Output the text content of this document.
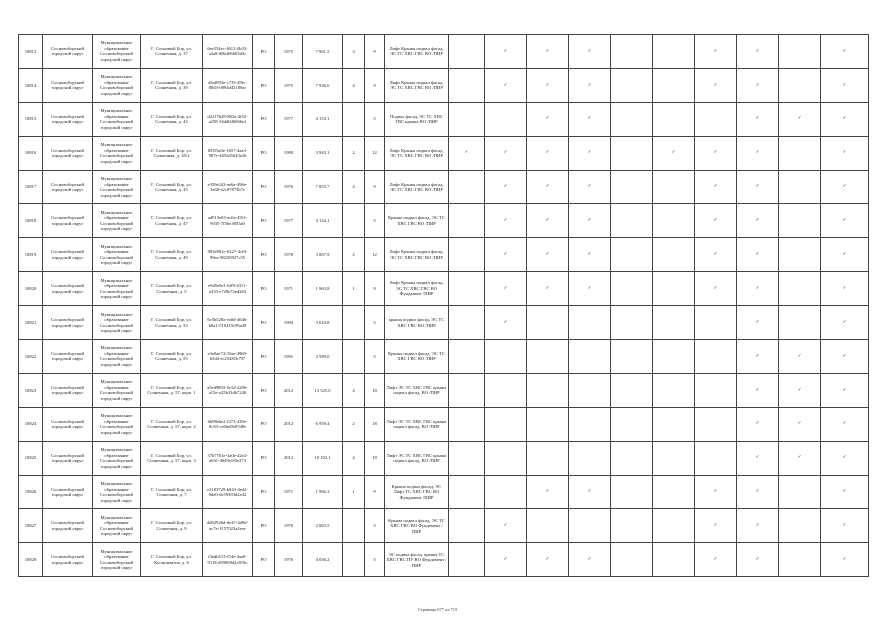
10813	Сосновоборский городской округ	Муниципальное образование Сосновоборский городской округ	Г. Сосновый Бор, ул. Солнечная, д. 37	6ee554ec-4612-4b33-a2a8-d8b406b03d3c	РО	1975	7 961,5	3	9	Лифт Крыша подвал фасад, ЭС ТС ХВС ГВС ВО /ПИР		✓	✓	✓			✓	✓		✓
10814	Сосновоборский городской округ	Муниципальное образование Сосновоборский городской округ	Г. Сосновый Бор, ул. Солнечная, д. 39	d4af853e-c735-49fc-80d3-0894d45109ac	РО	1975	7 936,6	4	9	Лифт Крыша подвал фасад, ЭС ТС ХВС ГВС ВО /ПИР		✓	✓	✓			✓	✓		✓
10815	Сосновоборский городской округ	Муниципальное образование Сосновоборский городской округ	Г. Сосновый Бор, ул. Солнечная, д. 43	d2317b28-883a-4f52-a258-34dd0d6066e2	РО	1977	4 153,1		5	Подвал фасад, ЭС ТС ХВС ГВС крыша ВО /ПИР			✓	✓				✓	✓	✓
10816	Сосновоборский городской округ	Муниципальное образование Сосновоборский городской округ	Г. Сосновый Бор, ул. Солнечная, д. 45/2	69f55a0e-1657-4aa3-987e-4492d5643e26	РО	1980	3 943,1	2	12	Лифт Крыша подвал фасад, ЭС ТС ХВС ГВС ВО /ПИР	✓	✓	✓	✓		✓	✓	✓		✓
10817	Сосновоборский городской округ	Муниципальное образование Сосновоборский городской округ	Г. Сосновый Бор, ул. Солнечная, д. 45	e359e243-ae6a-496e-3a68-e2c87873b7e	РО	1976	7 855,7	4	9	Лифт Крыша подвал фасад, ЭС ТС ХВС ГВС ВО /ПИР		✓	✓	✓			✓	✓		✓
10818	Сосновоборский городской округ	Муниципальное образование Сосновоборский городской округ	Г. Сосновый Бор, ул. Солнечная, д. 47	ad913e63-ac6e-491f-9035-7f56e3855a0	РО	1977	4 134,1		5	Крыша подвал фасад, ЭС ТС ХВС ГВС ВО /ПИР		✓	✓	✓			✓	✓		✓
10819	Сосновоборский городской округ	Муниципальное образование Сосновоборский городской округ	Г. Сосновый Бор, ул. Солнечная, д. 49	983e881e-6227-4cf0-99ea-98250927c55	РО	1978	3 867,9	2	12	Лифт Крыша подвал фасад, ЭС ТС ХВС ГВС ВО /ПИР		✓	✓	✓			✓	✓		✓
10820	Сосновоборский городской округ	Муниципальное образование Сосновоборский городской округ	Г. Сосновый Бор, ул. Солнечная, д. 5	e9d5e0e1-6ff9-4311-a333-e728e72ed263	РО	1971	1 963,8	1	9	Лифт Крыша подвал фасад, ЭС ТС ХВС ГВС ВО Фундамент /ПИР		✓	✓	✓			✓	✓		✓
10821	Сосновоборский городской округ	Муниципальное образование Сосновоборский городской округ	Г. Сосновый Бор, ул. Солнечная, д. 53	6c5b528a-ea0d-464b-b8a1-519419c99a49	РО	1994	3 610,8		5	крыша подвал фасад, ЭС ТС ХВС ГВС ВО /ПИР		✓						✓		✓
10822	Сосновоборский городской округ	Муниципальное образование Сосновоборский городской округ	Г. Сосновый Бор, ул. Солнечная, д. 55	e3a0ae74-33ae-4969-b5d4-ec25481b797	РО	1991	3 589,0		5	Крыша подвал фасад, ЭС ТС ХВС ГВС ВО /ПИР								✓	✓	✓
10823	Сосновоборский городской округ	Муниципальное образование Сосновоборский городской округ	Г. Сосновый Бор, ул. Солнечная, д. 57, корп. 1	a5ed9803-5e1d-4296-a15e-a25b33db7246	РО	2012	13 525,0	4	18	Лифт ЭС ТС ХВС ГВС крыша подвал фасад, ВО /ПИР								✓	✓	✓
10824	Сосновоборский городской округ	Муниципальное образование Сосновоборский городской округ	Г. Сосновый Бор, ул. Солнечная, д. 57, корп. 2	6b98ebe2-f273-439e-8c93-ce6be0b07d8e	РО	2012	6 959,4	2	18	Лифт ЭС ТС ХВС ГВС крыша подвал фасад, ВО /ПИР								✓	✓	✓
10825	Сосновоборский городской округ	Муниципальное образование Сосновоборский городской округ	Г. Сосновый Бор, ул. Солнечная, д. 57, корп. 3	37b7761e-3a0e-42e2-a041-4649e1f0e273	РО	2012	10 102,1	4	18	Лифт ЭС ТС ХВС ГВС крыша подвал фасад, ВО /ПИР								✓	✓	✓
10826	Сосновоборский городской округ	Муниципальное образование Сосновоборский городской округ	Г. Сосновый Бор, ул. Солнечная, д. 7	e3183729-b943-4ed2-9de0-dc59393d2e42	РО	1971	1 966,3	1	9	Крыша подвал фасад, ЭС Лифт ТС ХВС ГВС ВО Фундамент /ПИР			✓	✓			✓	✓		✓
10827	Сосновоборский городской округ	Муниципальное образование Сосновоборский городской округ	Г. Сосновый Бор, ул. Солнечная, д. 9	dd02926d-de47-4d9d-ac7e-3157023a2eee	РО	1970	2 063,5		5	Крыша подвал фасад, ЭС ТС ХВС ГВС ВО Фундамент /ПИР		✓					✓	✓		✓
10828	Сосновоборский городской округ	Муниципальное образование Сосновоборский городской округ	Г. Сосновый Бор, ул. Космонавтов, д. 6	f3adb513-f54e-4aa0-9118-d59069d2c818c	РО	1976	4 036,2		5	ЭС подвал фасад, крыша ТС ХВС ГВС ПУ ВО Фундамент /ПИР		✓	✓	✓			✓	✓		✓
Страница 677 из 715
